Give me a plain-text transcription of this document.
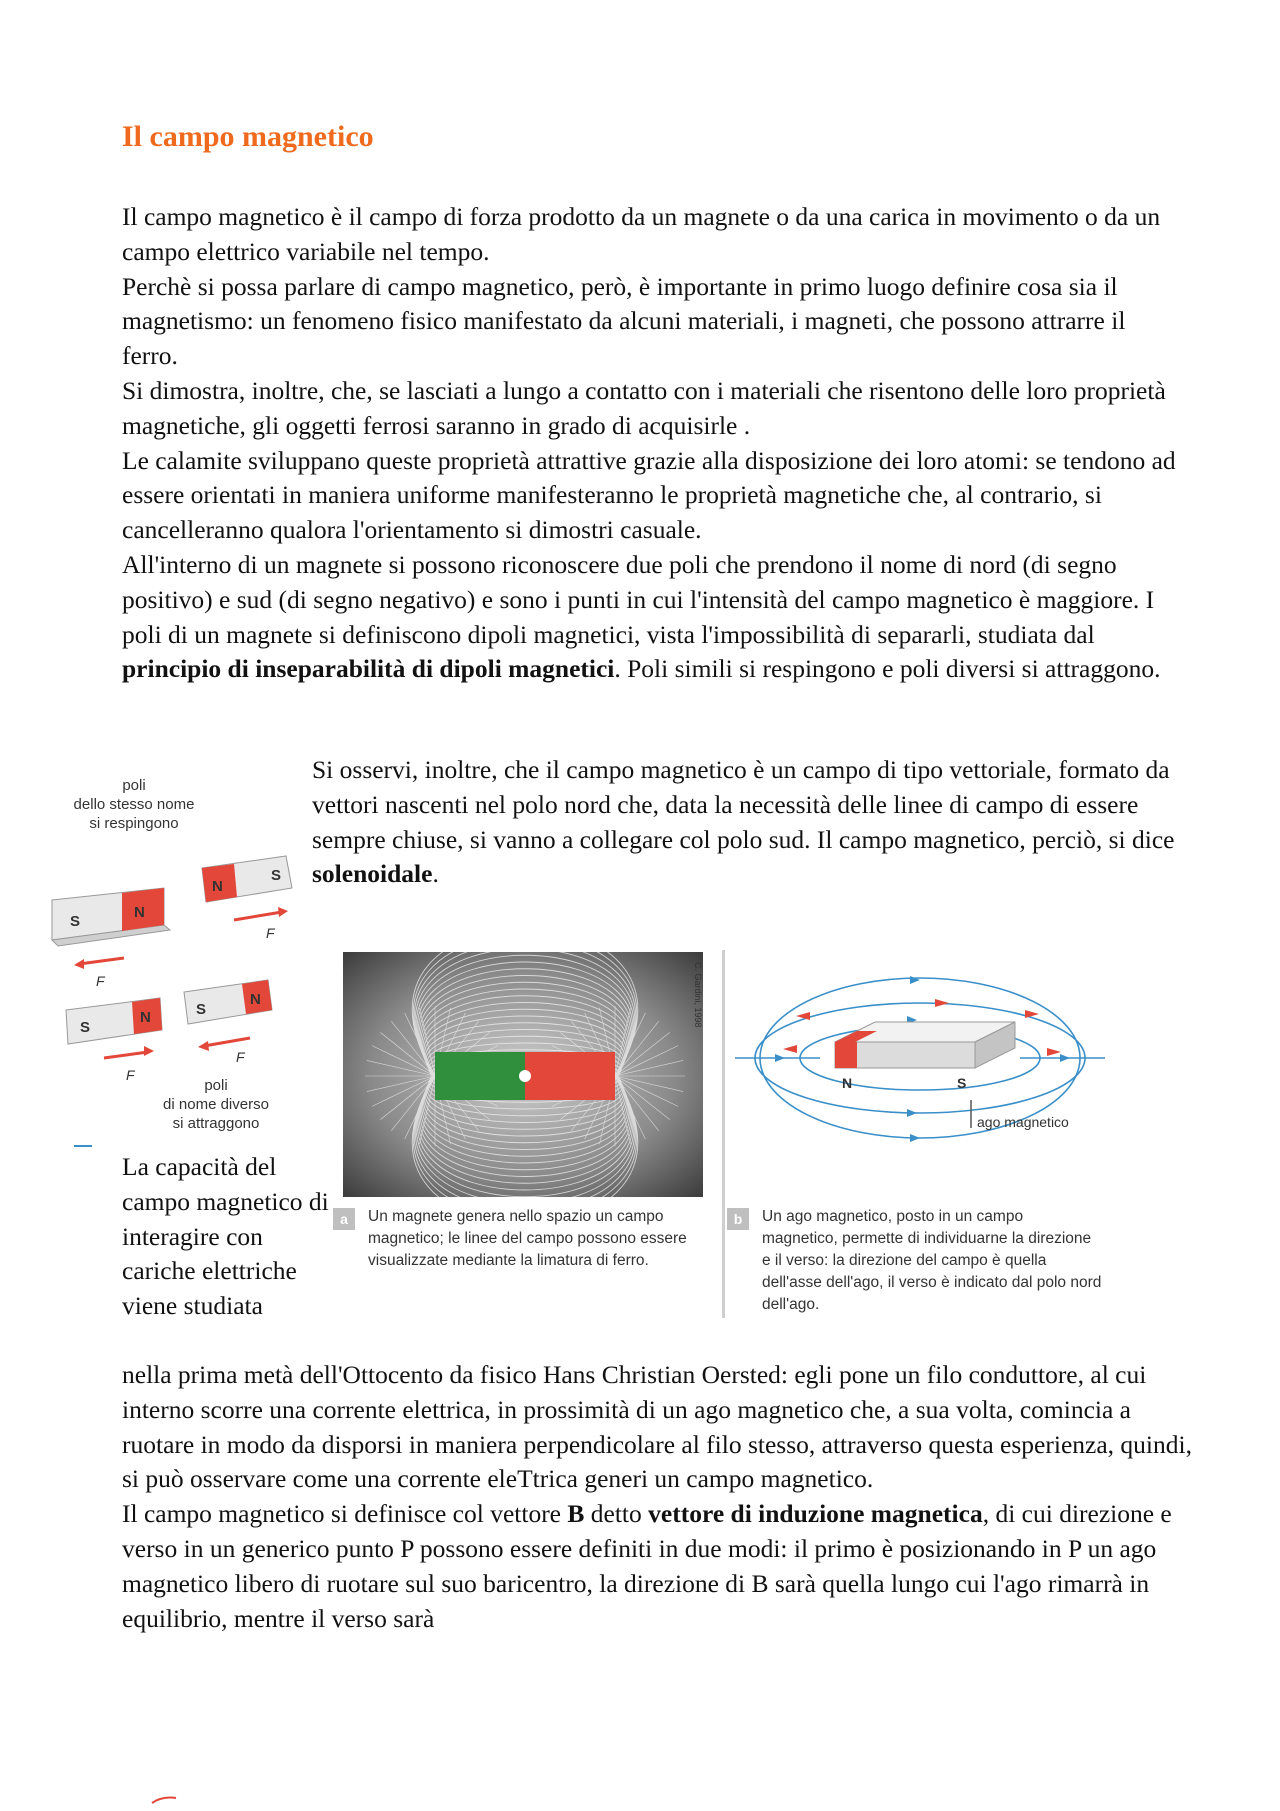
Il campo magnetico

Il campo magnetico è il campo di forza prodotto da un magnete o da una carica in movimento o da un campo elettrico variabile nel tempo.

Perchè si possa parlare di campo magnetico, però, è importante in primo luogo definire cosa sia il magnetismo: un fenomeno fisico manifestato da alcuni materiali, i magneti, che possono attrarre il ferro.

Si dimostra, inoltre, che, se lasciati a lungo a contatto con i materiali che risentono delle loro proprietà magnetiche, gli oggetti ferrosi saranno in grado di acquisirle .

Le calamite sviluppano queste proprietà attrattive grazie alla disposizione dei loro atomi: se tendono ad essere orientati in maniera uniforme manifesteranno le proprietà magnetiche che, al contrario, si cancelleranno qualora l'orientamento si dimostri casuale.

All'interno di un magnete si possono riconoscere due poli che prendono il nome di nord (di segno positivo) e sud (di segno negativo) e sono i punti in cui l'intensità del campo magnetico è maggiore. I poli di un magnete si definiscono dipoli magnetici, vista l'impossibilità di separarli, studiata dal principio di inseparabilità di dipoli magnetici. Poli simili si respingono e poli diversi si attraggono.

poli
dello stesso nome
si respingono
S
N
F
N
S
F
S
N
F
S
N
F
poli
di nome diverso
si attraggono

Si osservi, inoltre, che il campo magnetico è un campo di tipo vettoriale, formato da vettori nascenti nel polo nord che, data la necessità delle linee di campo di essere sempre chiuse, si vanno a collegare col polo sud. Il campo magnetico, perciò, si dice solenoidale.

C. Gardini, 1998
N	S
ago magnetico
a	Un magnete genera nello spazio un campo magnetico; le linee del campo possono essere visualizzate mediante la limatura di ferro.
b	Un ago magnetico, posto in un campo magnetico, permette di individuarne la direzione e il verso: la direzione del campo è quella dell'asse dell'ago, il verso è indicato dal polo nord dell'ago.

La capacità del campo magnetico di interagire con cariche elettriche viene studiata

nella prima metà dell'Ottocento da fisico Hans Christian Oersted: egli pone un filo conduttore, al cui interno scorre una corrente elettrica, in prossimità di un ago magnetico che, a sua volta, comincia a ruotare in modo da disporsi in maniera perpendicolare al filo stesso, attraverso questa esperienza, quindi, si può osservare come una corrente eleTtrica generi un campo magnetico.

Il campo magnetico si definisce col vettore B detto vettore di induzione magnetica, di cui direzione e verso in un generico punto P possono essere definiti in due modi: il primo è posizionando in P un ago magnetico libero di ruotare sul suo baricentro, la direzione di B sarà quella lungo cui l'ago rimarrà in equilibrio, mentre il verso sarà
